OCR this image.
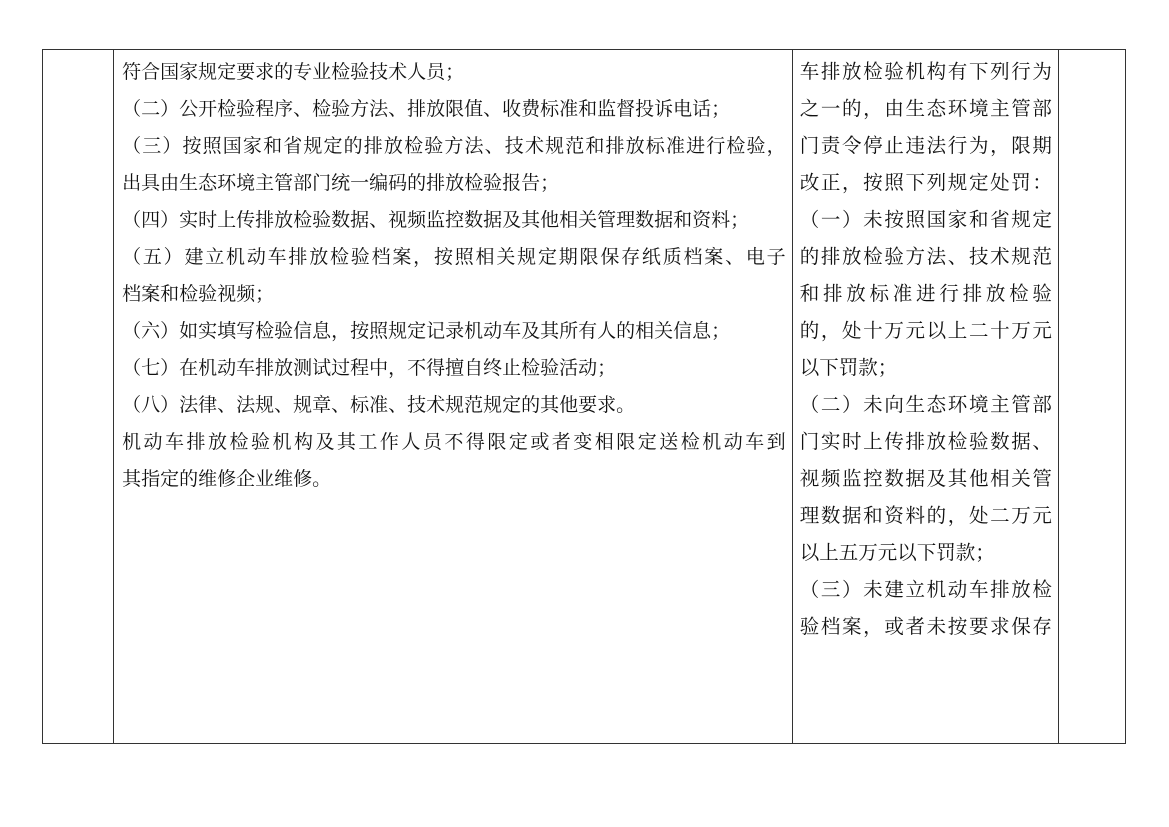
符合国家规定要求的专业检验技术人员；
（二）公开检验程序、检验方法、排放限值、收费标准和监督投诉电话；
（三）按照国家和省规定的排放检验方法、技术规范和排放标准进行检验，
出具由生态环境主管部门统一编码的排放检验报告；
（四）实时上传排放检验数据、视频监控数据及其他相关管理数据和资料；
（五）建立机动车排放检验档案，按照相关规定期限保存纸质档案、电子
档案和检验视频；
（六）如实填写检验信息，按照规定记录机动车及其所有人的相关信息；
（七）在机动车排放测试过程中，不得擅自终止检验活动；
（八）法律、法规、规章、标准、技术规范规定的其他要求。
机动车排放检验机构及其工作人员不得限定或者变相限定送检机动车到
其指定的维修企业维修。

车排放检验机构有下列行为
之一的，由生态环境主管部
门责令停止违法行为，限期
改正，按照下列规定处罚：
（一）未按照国家和省规定
的排放检验方法、技术规范
和排放标准进行排放检验
的，处十万元以上二十万元
以下罚款；
（二）未向生态环境主管部
门实时上传排放检验数据、
视频监控数据及其他相关管
理数据和资料的，处二万元
以上五万元以下罚款；
（三）未建立机动车排放检
验档案，或者未按要求保存
